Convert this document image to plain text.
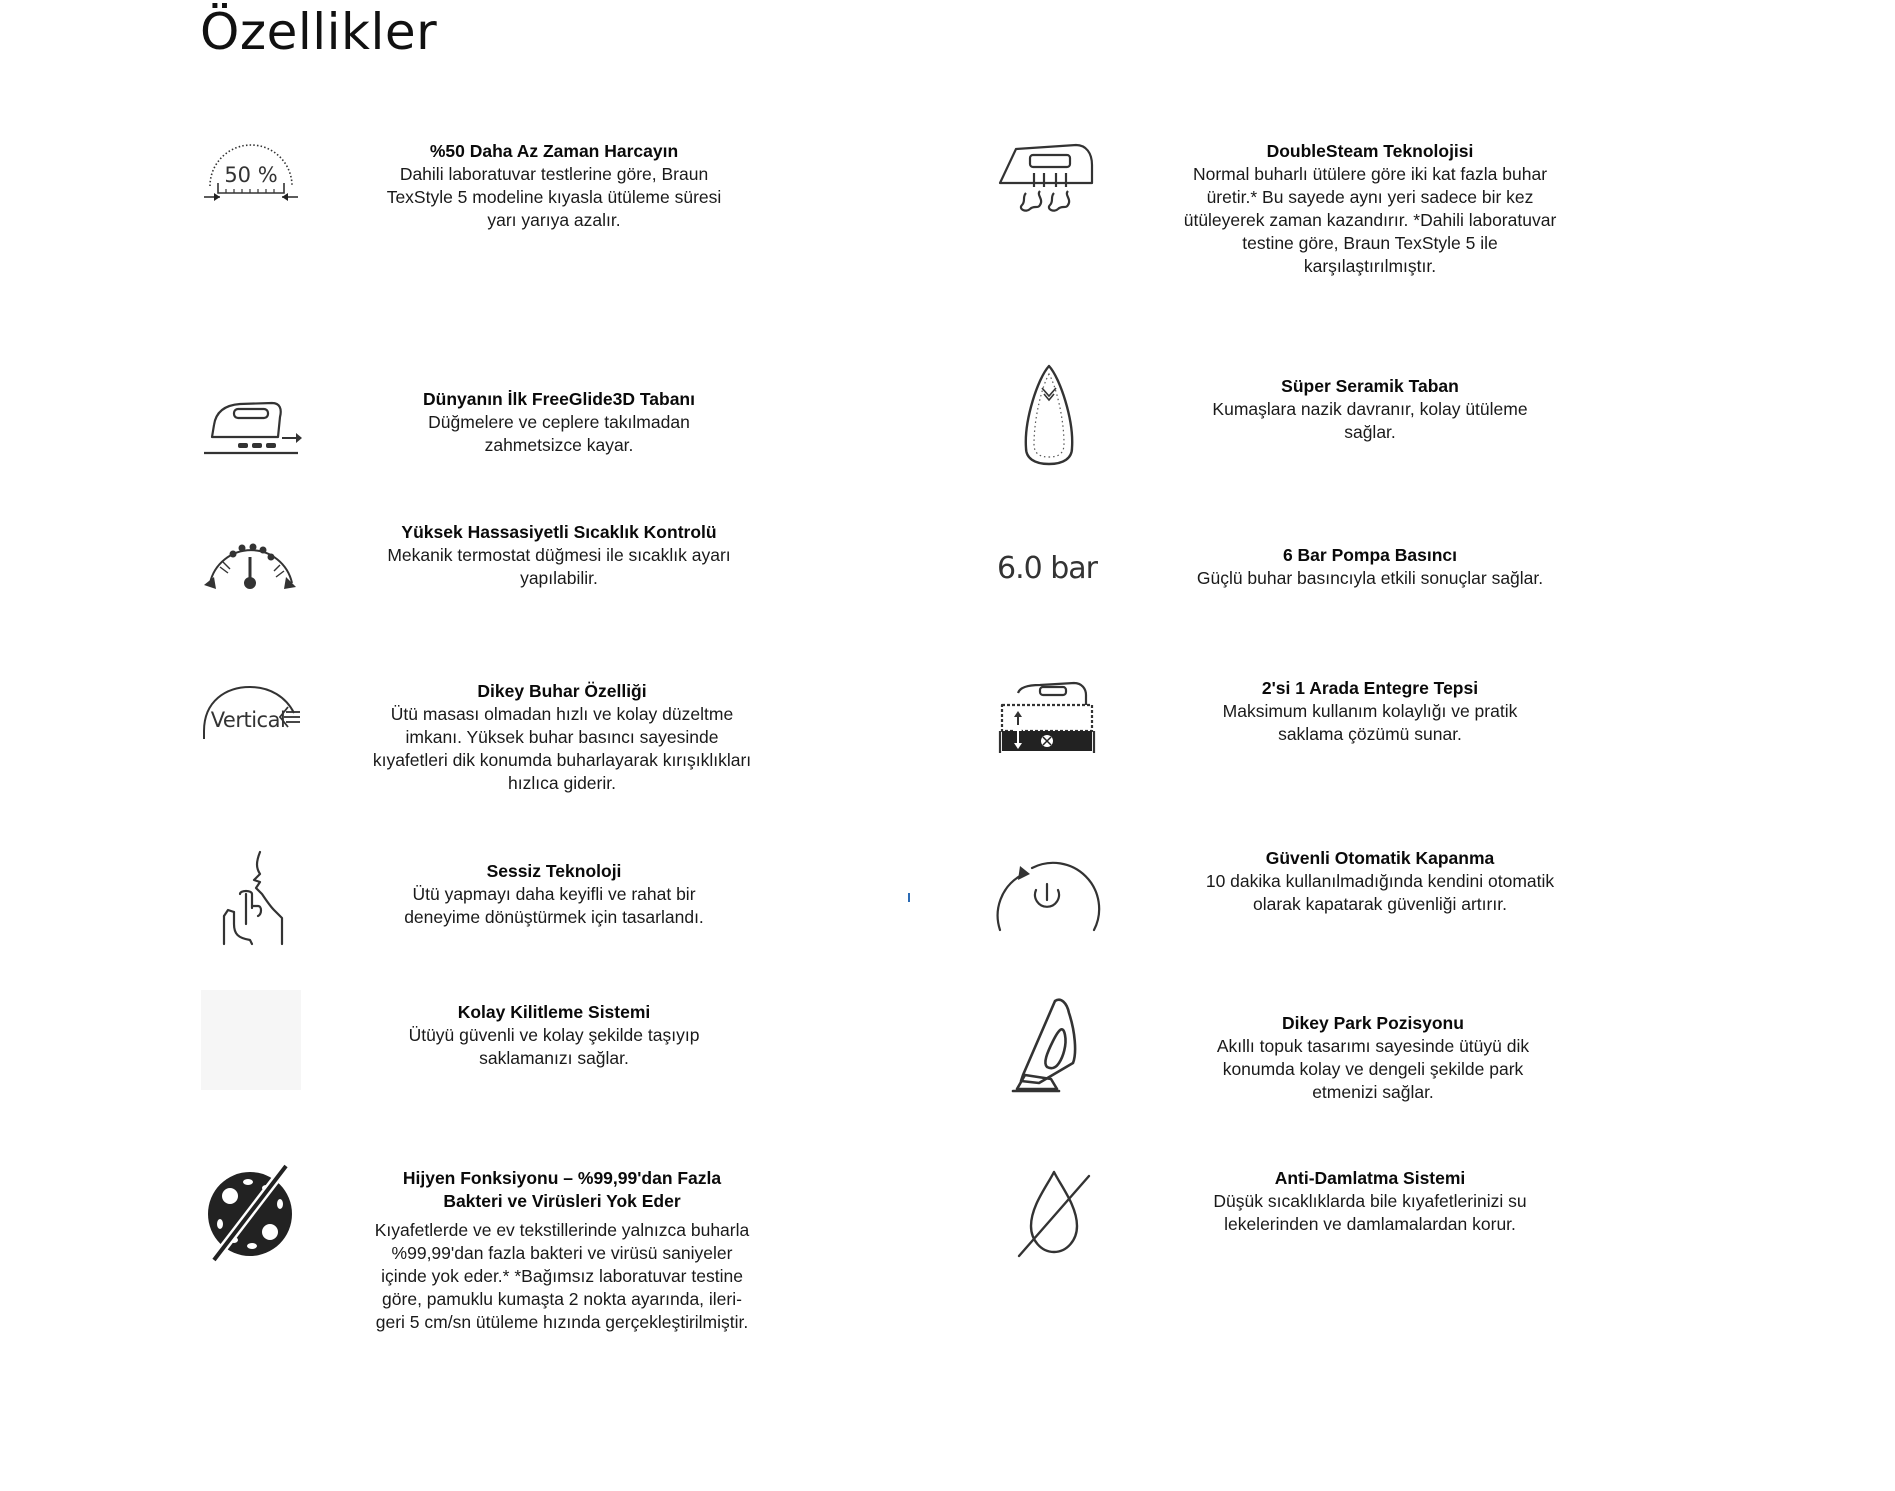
Özellikler
50 %
%50 Daha Az Zaman Harcayın
Dahili laboratuvar testlerine göre, Braun TexStyle 5 modeline kıyasla ütüleme süresi yarı yarıya azalır.
Dünyanın İlk FreeGlide3D Tabanı
Düğmelere ve ceplere takılmadan zahmetsizce kayar.
Yüksek Hassasiyetli Sıcaklık Kontrolü
Mekanik termostat düğmesi ile sıcaklık ayarı yapılabilir.
Vertical
Dikey Buhar Özelliği
Ütü masası olmadan hızlı ve kolay düzeltme imkanı. Yüksek buhar basıncı sayesinde kıyafetleri dik konumda buharlayarak kırışıklıkları hızlıca giderir.
Sessiz Teknoloji
Ütü yapmayı daha keyifli ve rahat bir deneyime dönüştürmek için tasarlandı.
Kolay Kilitleme Sistemi
Ütüyü güvenli ve kolay şekilde taşıyıp saklamanızı sağlar.
Hijyen Fonksiyonu – %99,99'dan Fazla Bakteri ve Virüsleri Yok Eder
Kıyafetlerde ve ev tekstillerinde yalnızca buharla %99,99'dan fazla bakteri ve virüsü saniyeler içinde yok eder.* *Bağımsız laboratuvar testine göre, pamuklu kumaşta 2 nokta ayarında, ileri-geri 5 cm/sn ütüleme hızında gerçekleştirilmiştir.
DoubleSteam Teknolojisi
Normal buharlı ütülere göre iki kat fazla buhar üretir.* Bu sayede aynı yeri sadece bir kez ütüleyerek zaman kazandırır. *Dahili laboratuvar testine göre, Braun TexStyle 5 ile karşılaştırılmıştır.
Süper Seramik Taban
Kumaşlara nazik davranır, kolay ütüleme sağlar.
6.0 bar	6 Bar Pompa Basıncı
Güçlü buhar basıncıyla etkili sonuçlar sağlar.
2'si 1 Arada Entegre Tepsi
Maksimum kullanım kolaylığı ve pratik saklama çözümü sunar.
Güvenli Otomatik Kapanma
10 dakika kullanılmadığında kendini otomatik olarak kapatarak güvenliği artırır.
Dikey Park Pozisyonu
Akıllı topuk tasarımı sayesinde ütüyü dik konumda kolay ve dengeli şekilde park etmenizi sağlar.
Anti-Damlatma Sistemi
Düşük sıcaklıklarda bile kıyafetlerinizi su lekelerinden ve damlamalardan korur.
